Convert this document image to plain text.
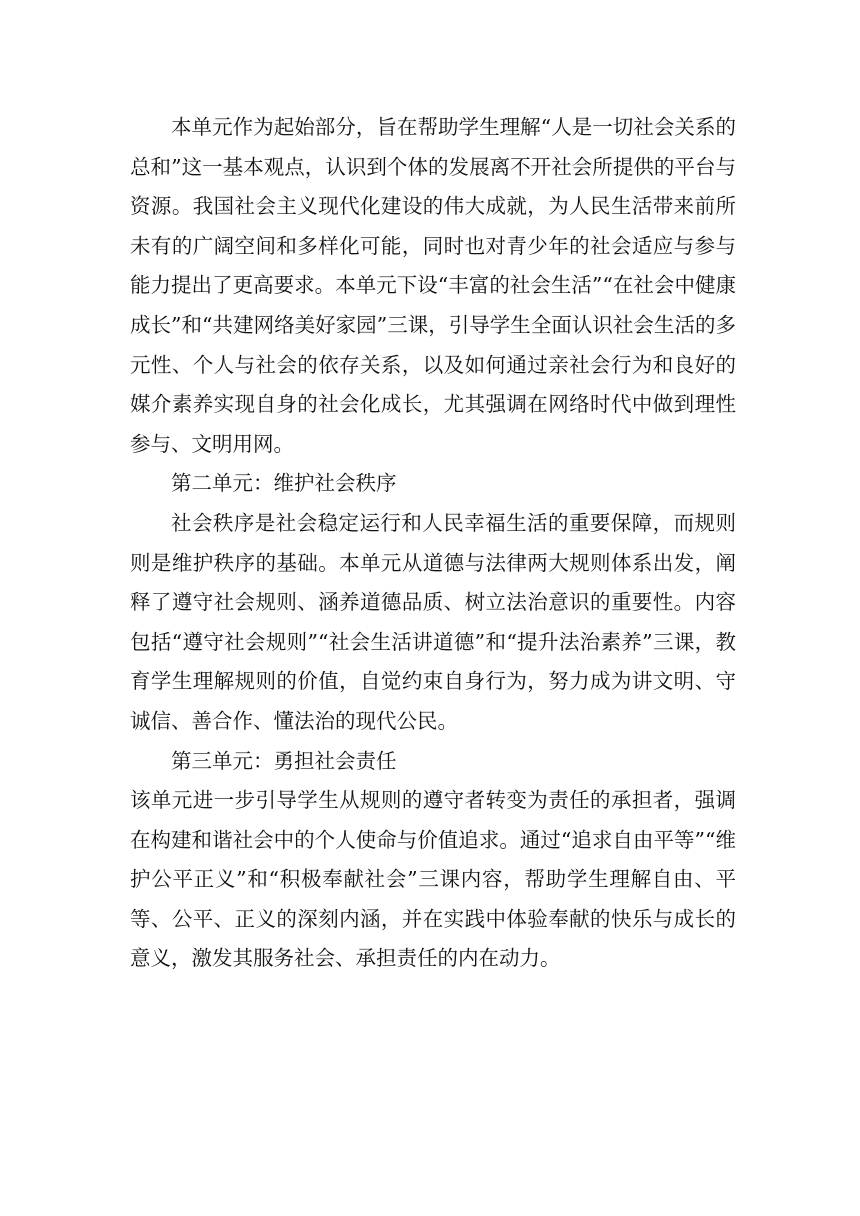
本单元作为起始部分，旨在帮助学生理解“人是一切社会关系的总和”这一基本观点，认识到个体的发展离不开社会所提供的平台与资源。我国社会主义现代化建设的伟大成就，为人民生活带来前所未有的广阔空间和多样化可能，同时也对青少年的社会适应与参与能力提出了更高要求。本单元下设“丰富的社会生活”“在社会中健康成长”和“共建网络美好家园”三课，引导学生全面认识社会生活的多元性、个人与社会的依存关系，以及如何通过亲社会行为和良好的媒介素养实现自身的社会化成长，尤其强调在网络时代中做到理性参与、文明用网。

第二单元：维护社会秩序

社会秩序是社会稳定运行和人民幸福生活的重要保障，而规则则是维护秩序的基础。本单元从道德与法律两大规则体系出发，阐释了遵守社会规则、涵养道德品质、树立法治意识的重要性。内容包括“遵守社会规则”“社会生活讲道德”和“提升法治素养”三课，教育学生理解规则的价值，自觉约束自身行为，努力成为讲文明、守诚信、善合作、懂法治的现代公民。

第三单元：勇担社会责任

该单元进一步引导学生从规则的遵守者转变为责任的承担者，强调在构建和谐社会中的个人使命与价值追求。通过“追求自由平等”“维护公平正义”和“积极奉献社会”三课内容，帮助学生理解自由、平等、公平、正义的深刻内涵，并在实践中体验奉献的快乐与成长的意义，激发其服务社会、承担责任的内在动力。
